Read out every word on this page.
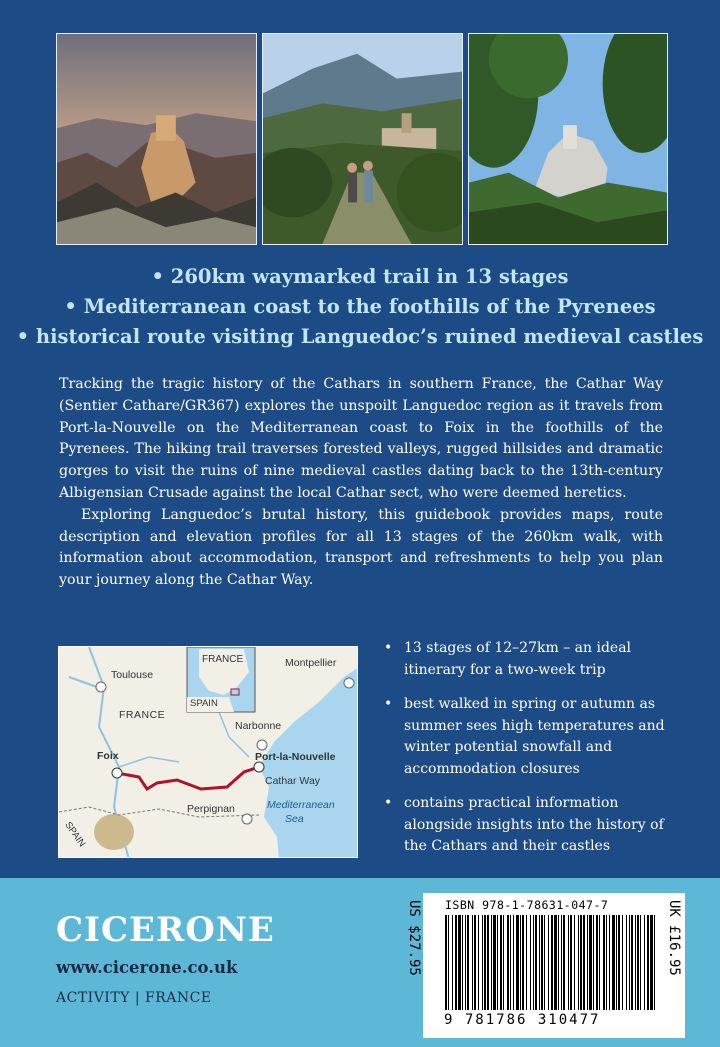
• 260km waymarked trail in 13 stages
• Mediterranean coast to the foothills of the Pyrenees
• historical route visiting Languedoc’s ruined medieval castles

Tracking the tragic history of the Cathars in southern France, the Cathar Way (Sentier Cathare/GR367) explores the unspoilt Languedoc region as it travels from Port-la-Nouvelle on the Mediterranean coast to Foix in the foothills of the Pyrenees. The hiking trail traverses forested valleys, rugged hillsides and dramatic gorges to visit the ruins of nine medieval castles dating back to the 13th-century Albigensian Crusade against the local Cathar sect, who were deemed heretics.

Exploring Languedoc’s brutal history, this guidebook provides maps, route description and elevation profiles for all 13 stages of the 260km walk, with information about accommodation, transport and refreshments to help you plan your journey along the Cathar Way.

Toulouse
FRANCE
FRANCE
SPAIN
Montpellier
Narbonne
Foix	Port-la-Nouvelle
Cathar Way
Perpignan	Mediterranean
Sea
SPAIN
• 13 stages of 12–27km – an ideal itinerary for a two-week trip
• best walked in spring or autumn as summer sees high temperatures and winter potential snowfall and accommodation closures
• contains practical information alongside insights into the history of the Cathars and their castles
CICERONE
www.cicerone.co.uk
ACTIVITY | FRANCE
ISBN 978-1-78631-047-7
9 781786 310477
US $27.95	UK £16.95
